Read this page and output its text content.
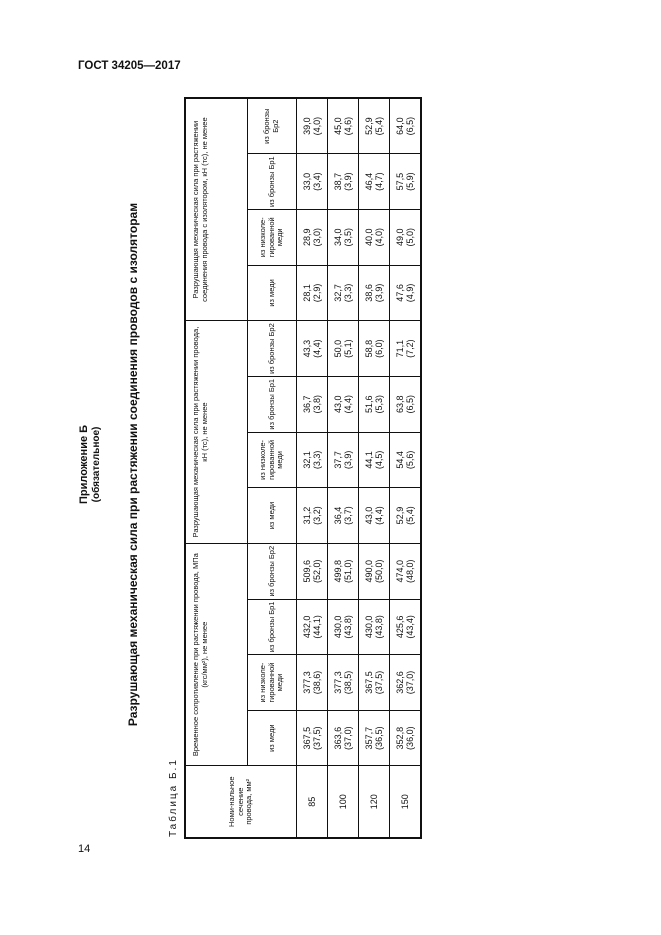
ГОСТ 34205—2017
Приложение Б (обязательное) Разрушающая механическая сила при растяжении соединения проводов с изоляторам
Таблица Б.1	Номи-нальное сечение провода, мм²	Временное сопротивление при растяжении провода, МПа (кгс/мм²), не менее				Разрушающая механическая сила при растяжении провода, кН (тс), не менее				Разрушающая механическая сила при растяжении соединения провода с изолятором, кН (тс), не менее			
	из меди	из низколе-гированной меди	из бронзы Бр1	из бронзы Бр2	из меди	из низколе-гированной меди	из бронзы Бр1	из бронзы Бр2	из меди	из низколе-гированной меди	из бронзы Бр1	из бронзы Бр2
85	367,5 (37,5)	377,3 (38,6)	432,0 (44,1)	509,6 (52,0)	31,2 (3,2)	32,1 (3,3)	36,7 (3,8)	43,3 (4,4)	28,1 (2,9)	28,9 (3,0)	33,0 (3,4)	39,0 (4,0)

100	363,6 (37,0)	377,3 (38,5)	430,0 (43,8)	499,8 (51,0)	36,4 (3,7)	37,7 (3,9)	43,0 (4,4)	50,0 (5,1)	32,7 (3,3)	34,0 (3,5)	38,7 (3,9)	45,0 (4,6)

120	357,7 (36,5)	367,5 (37,5)	430,0 (43,8)	490,0 (50,0)	43,0 (4,4)	44,1 (4,5)	51,6 (5,3)	58,8 (6,0)	38,6 (3,9)	40,0 (4,0)	46,4 (4,7)	52,9 (5,4)

150	352,8 (36,0)	362,6 (37,0)	425,6 (43,4)	474,0 (48,0)	52,9 (5,4)	54,4 (5,6)	63,8 (6,5)	71,1 (7,2)	47,6 (4,9)	49,0 (5,0)	57,5 (5,9)	64,0 (6,5)
14
